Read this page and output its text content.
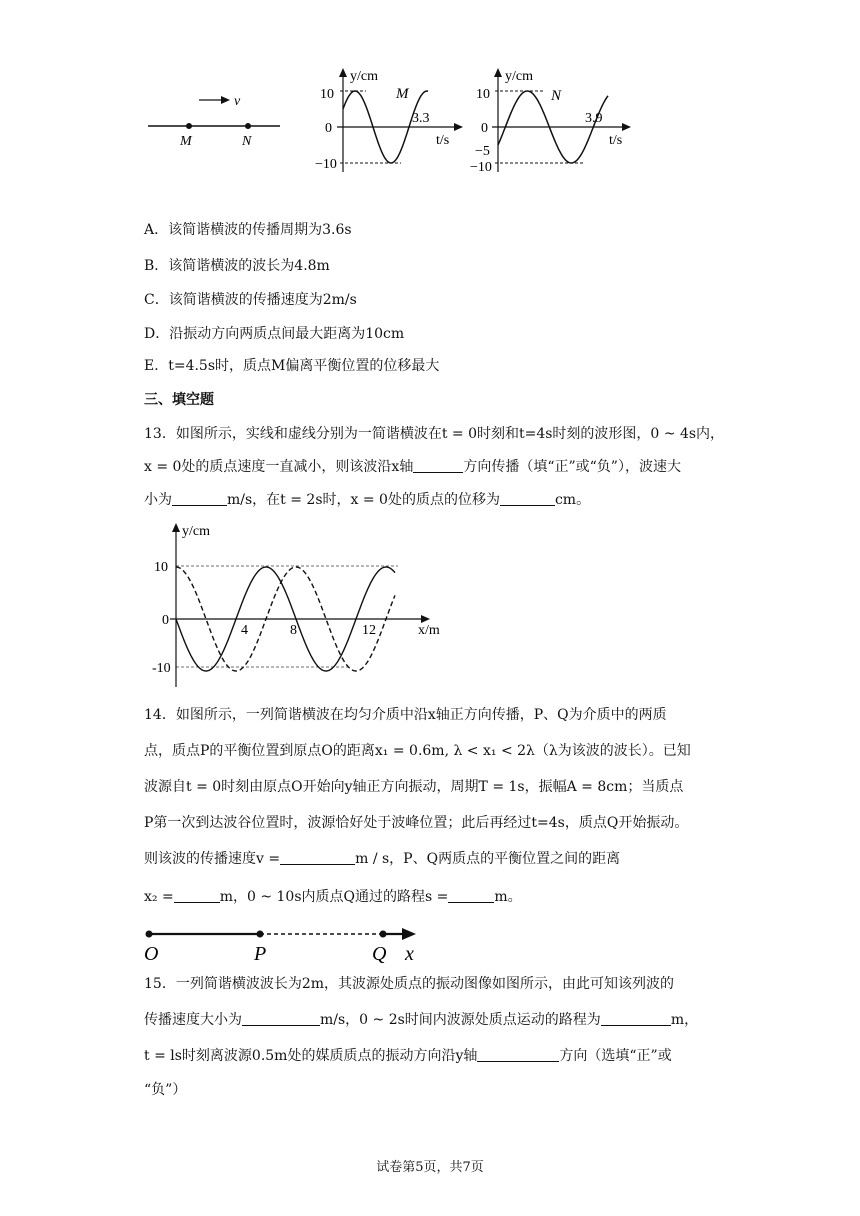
v
M	N
y/cm
10
0
−10
M
3.3
t/s
y/cm
10
0
−5
−10
N
3.9
t/s
A．该简谐横波的传播周期为3.6s
B．该简谐横波的波长为4.8m
C．该简谐横波的传播速度为2m/s
D．沿振动方向两质点间最大距离为10cm
E．t=4.5s时，质点M偏离平衡位置的位移最大
三、填空题
13．如图所示，实线和虚线分别为一简谐横波在t = 0时刻和t=4s时刻的波形图，0 ~ 4s内，
x = 0处的质点速度一直减小，则该波沿x轴	方向传播（填“正”或“负”），波速大
小为	m/s，在t = 2s时，x = 0处的质点的位移为	cm。
y/cm
10
0
-10
4	8	12	x/m
14．如图所示，一列简谐横波在均匀介质中沿x轴正方向传播，P、Q为介质中的两质
点，质点P的平衡位置到原点O的距离x₁ = 0.6m, λ < x₁ < 2λ（λ为该波的波长）。已知
波源自t = 0时刻由原点O开始向y轴正方向振动，周期T = 1s，振幅A = 8cm；当质点
P第一次到达波谷位置时，波源恰好处于波峰位置；此后再经过t=4s，质点Q开始振动。
则该波的传播速度v =	m / s，P、Q两质点的平衡位置之间的距离
x₂ =	m，0 ~ 10s内质点Q通过的路程s =	m。
O	P	Q x
15．一列简谐横波波长为2m，其波源处质点的振动图像如图所示，由此可知该列波的
传播速度大小为	m/s，0 ~ 2s时间内波源处质点运动的路程为	m，
t = ls时刻离波源0.5m处的媒质质点的振动方向沿y轴	方向（选填“正”或
“负”）
试卷第5页，共7页
